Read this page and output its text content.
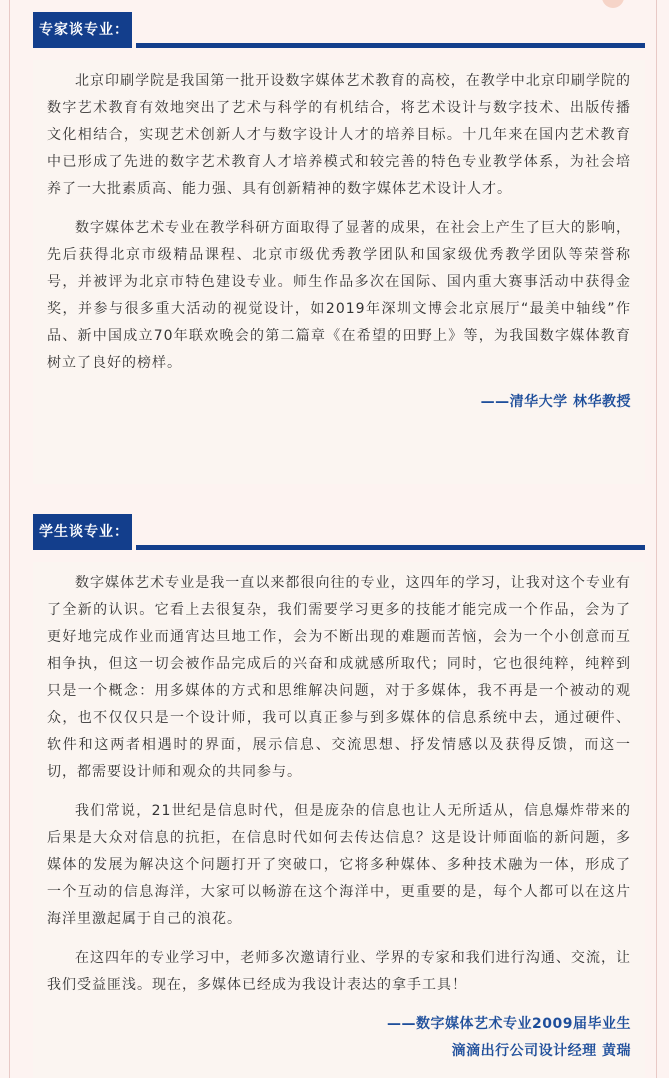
专家谈专业：

北京印刷学院是我国第一批开设数字媒体艺术教育的高校，在教学中北京印刷学院的数字艺术教育有效地突出了艺术与科学的有机结合，将艺术设计与数字技术、出版传播文化相结合，实现艺术创新人才与数字设计人才的培养目标。十几年来在国内艺术教育中已形成了先进的数字艺术教育人才培养模式和较完善的特色专业教学体系，为社会培养了一大批素质高、能力强、具有创新精神的数字媒体艺术设计人才。

数字媒体艺术专业在教学科研方面取得了显著的成果，在社会上产生了巨大的影响，先后获得北京市级精品课程、北京市级优秀教学团队和国家级优秀教学团队等荣誉称号，并被评为北京市特色建设专业。师生作品多次在国际、国内重大赛事活动中获得金奖，并参与很多重大活动的视觉设计，如2019年深圳文博会北京展厅“最美中轴线”作品、新中国成立70年联欢晚会的第二篇章《在希望的田野上》等，为我国数字媒体教育树立了良好的榜样。

——清华大学 林华教授
学生谈专业：

数字媒体艺术专业是我一直以来都很向往的专业，这四年的学习，让我对这个专业有了全新的认识。它看上去很复杂，我们需要学习更多的技能才能完成一个作品，会为了更好地完成作业而通宵达旦地工作，会为不断出现的难题而苦恼，会为一个小创意而互相争执，但这一切会被作品完成后的兴奋和成就感所取代；同时，它也很纯粹，纯粹到只是一个概念：用多媒体的方式和思维解决问题，对于多媒体，我不再是一个被动的观众，也不仅仅只是一个设计师，我可以真正参与到多媒体的信息系统中去，通过硬件、软件和这两者相遇时的界面，展示信息、交流思想、抒发情感以及获得反馈，而这一切，都需要设计师和观众的共同参与。

我们常说，21世纪是信息时代，但是庞杂的信息也让人无所适从，信息爆炸带来的后果是大众对信息的抗拒，在信息时代如何去传达信息？这是设计师面临的新问题，多媒体的发展为解决这个问题打开了突破口，它将多种媒体、多种技术融为一体，形成了一个互动的信息海洋，大家可以畅游在这个海洋中，更重要的是，每个人都可以在这片海洋里激起属于自己的浪花。

在这四年的专业学习中，老师多次邀请行业、学界的专家和我们进行沟通、交流，让我们受益匪浅。现在，多媒体已经成为我设计表达的拿手工具！

——数字媒体艺术专业2009届毕业生
滴滴出行公司设计经理 黄瑞
